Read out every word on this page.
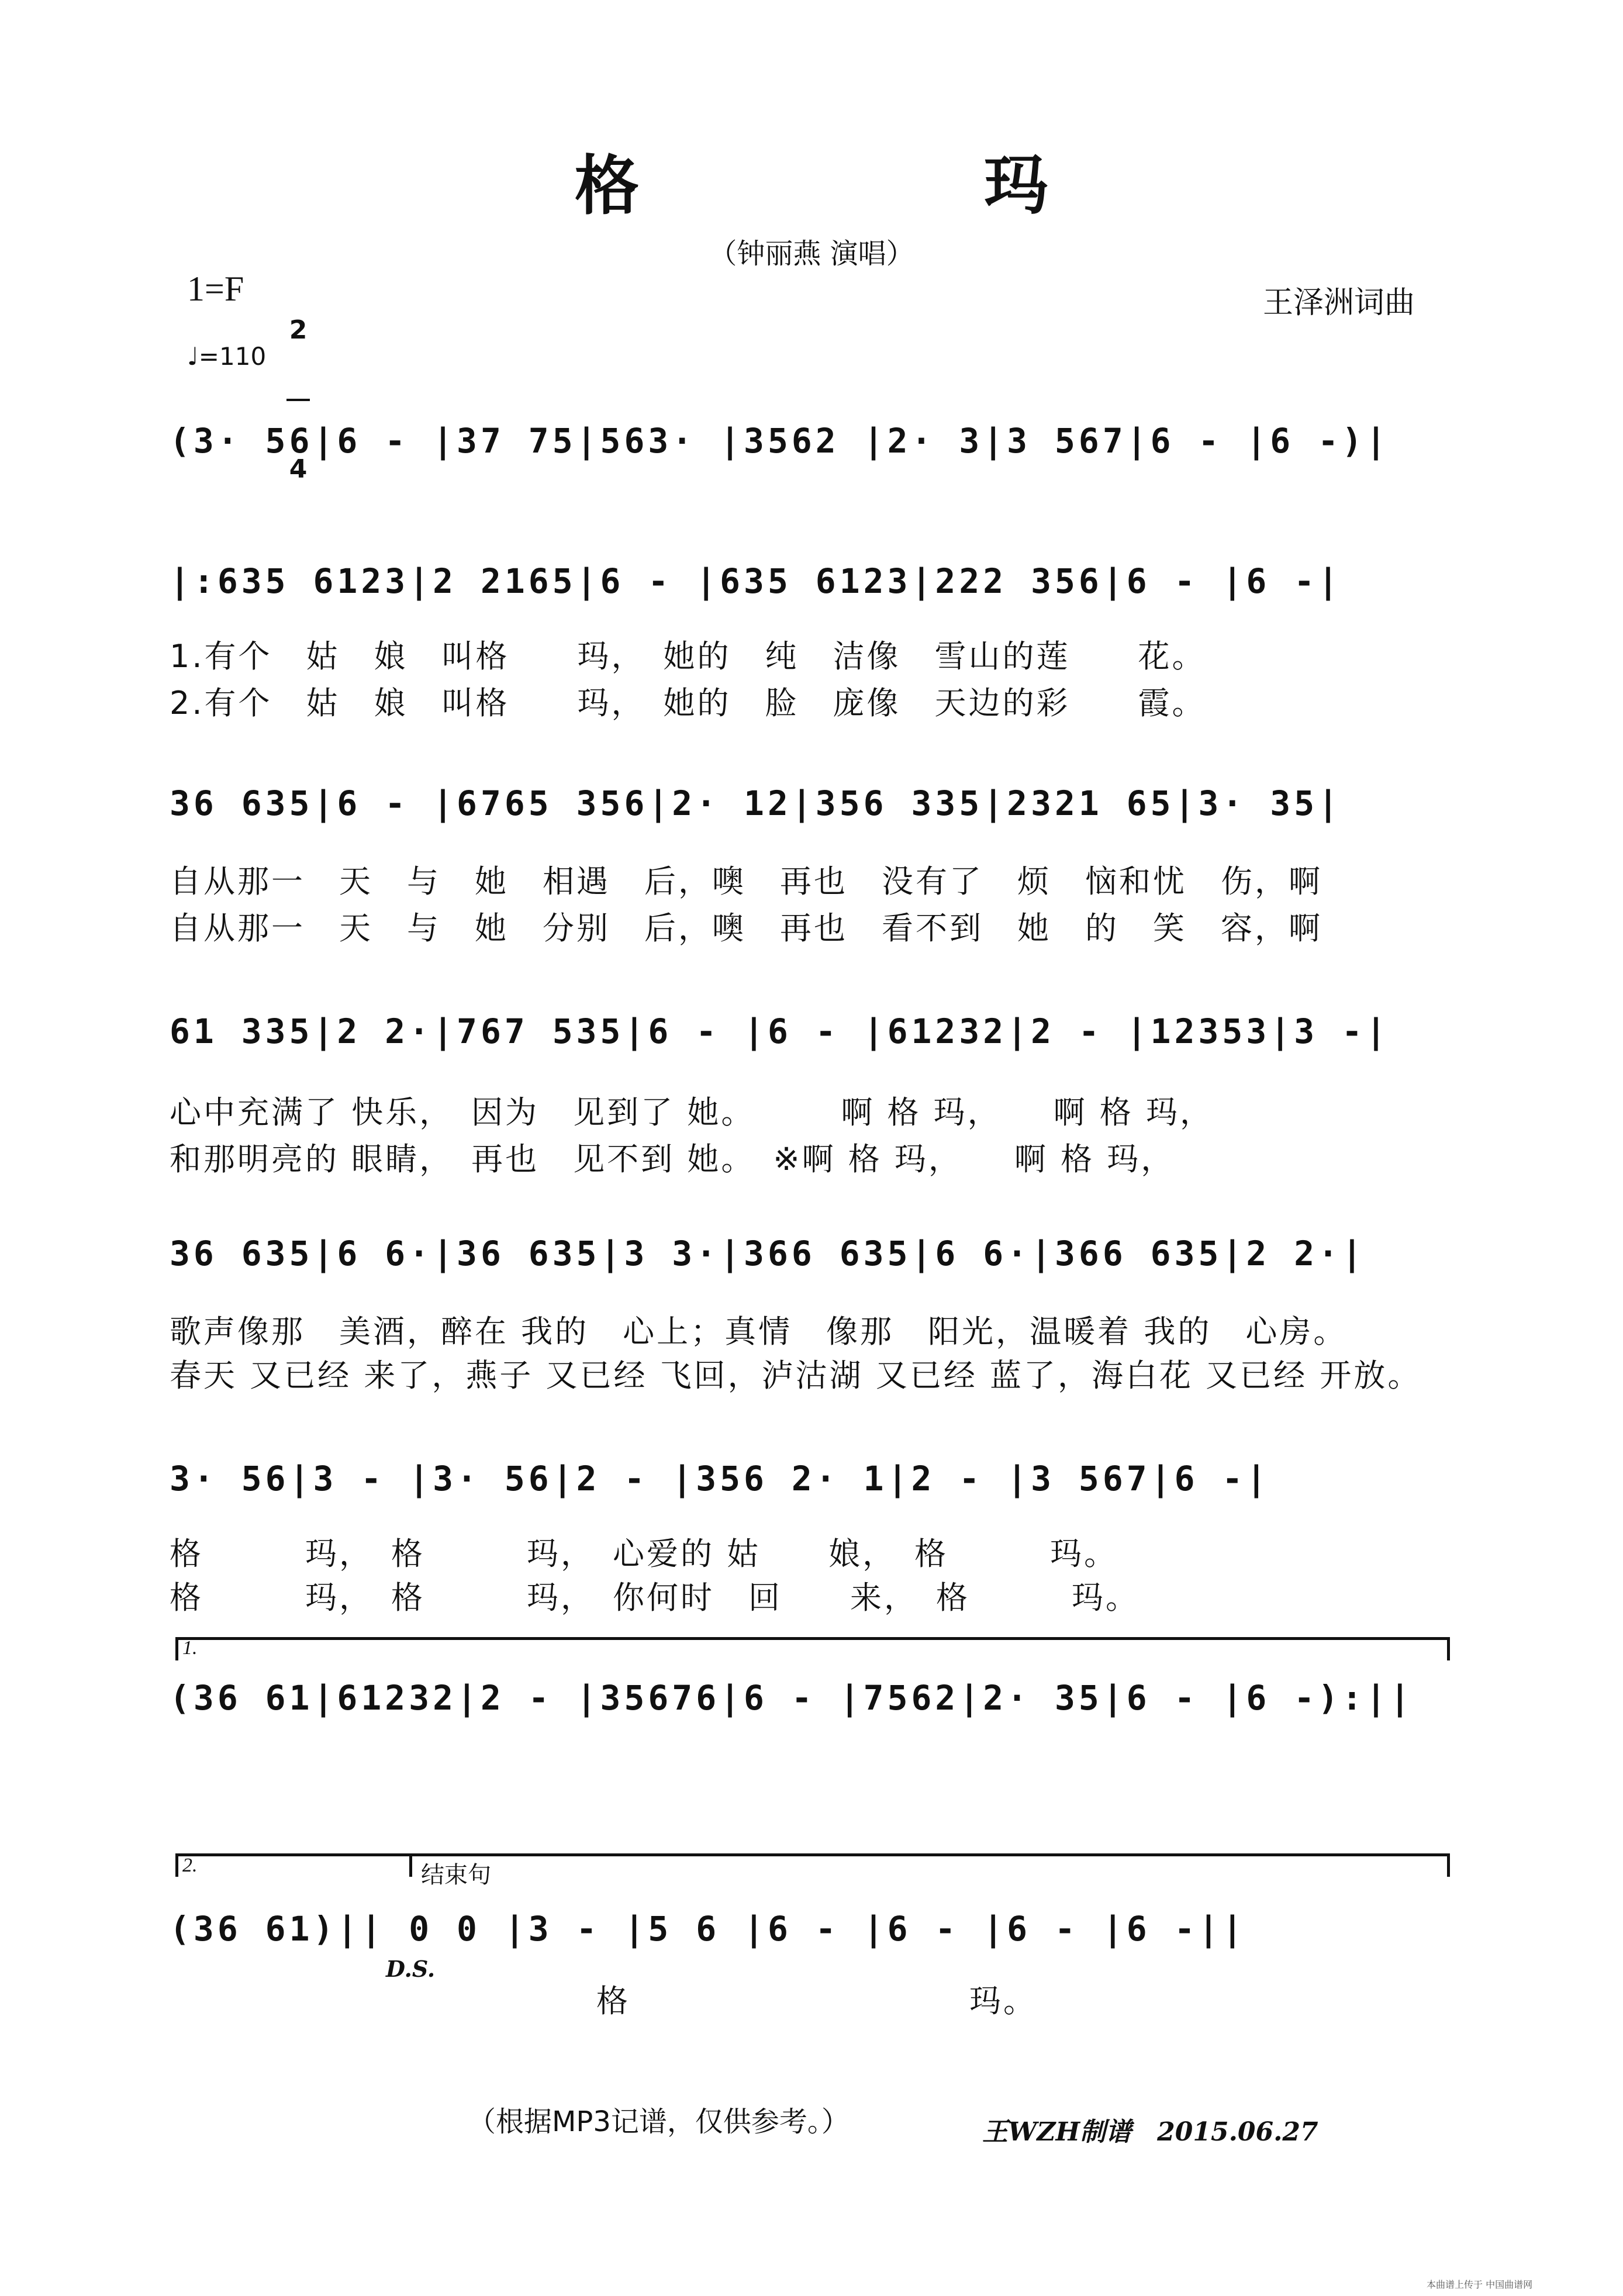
格　玛
（钟丽燕 演唱）
1=F

2

4

王泽洲词曲
♩=110
(3· 56|6 - |37 75|563· |3562 |2· 3|3 567|6 - |6 -)|
|:635 6123|2 2165|6 - |635 6123|222 356|6 - |6 -|
36 635|6 - |6765 356|2· 12|356 335|2321 65|3· 35|
61 335|2 2·|767 535|6 - |6 - |61232|2 - |12353|3 -|
36 635|6 6·|36 635|3 3·|366 635|6 6·|366 635|2 2·|
3· 56|3 - |3· 56|2 - |356 2· 1|2 - |3 567|6 -|
(36 61|61232|2 - |35676|6 - |7562|2· 35|6 - |6 -):||
(36 61)|| 0 0 |3 - |5 6 |6 - |6 - |6 - |6 -||
1.有个　姑　娘　叫格　　玛，　她的　纯　洁像　雪山的莲　　花。
2.有个　姑　娘　叫格　　玛，　她的　脸　庞像　天边的彩　　霞。
自从那一　天　与　她　相遇　后，噢　再也　没有了　烦　恼和忧　伤，啊
自从那一　天　与　她　分别　后，噢　再也　看不到　她　的　笑　容，啊
心中充满了 快乐，　因为　见到了 她。　　　啊 格 玛，　　啊 格 玛，
和那明亮的 眼睛，　再也　见不到 她。　※啊 格 玛，　　啊 格 玛，
歌声像那　美酒，醉在 我的　心上；真情　像那　阳光，温暖着 我的　心房。
春天 又已经 来了，燕子 又已经 飞回，泸沽湖 又已经 蓝了，海白花 又已经 开放。
格　　　玛，　格　　　玛，　心爱的 姑　　娘，　格　　　玛。
格　　　玛，　格　　　玛，　你何时　回　　来，　格　　　玛。
格　　　　　　　　　　玛。
1.
2.	结束句
D.S.
（根据MP3记谱，仅供参考。）	王WZH制谱　2015.06.27
本曲谱上传于 中国曲谱网
